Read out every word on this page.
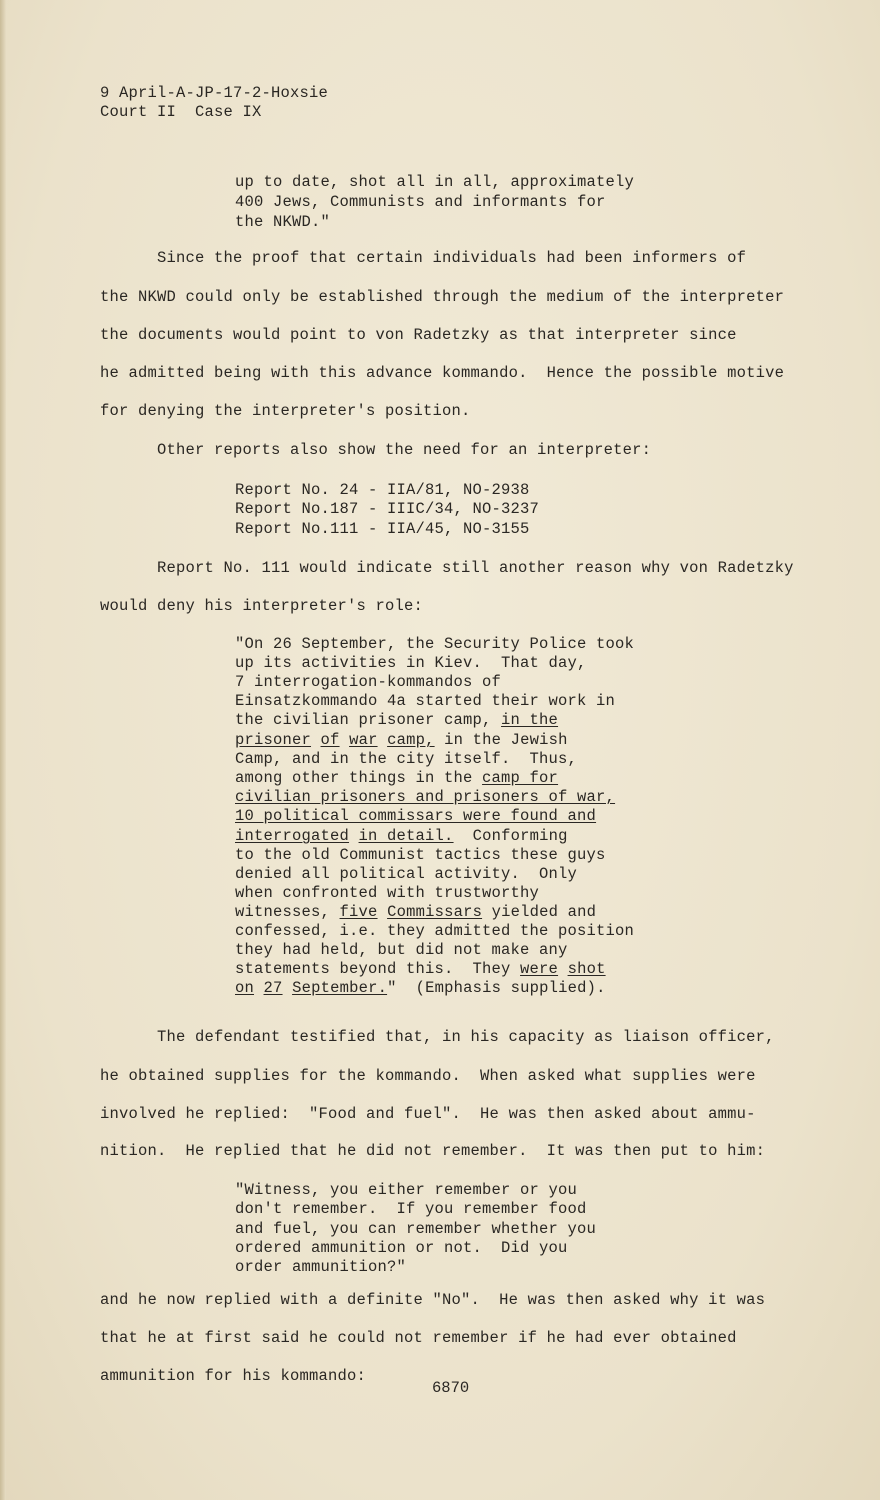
9 April-A-JP-17-2-Hoxsie
Court II  Case IX
up to date, shot all in all, approximately
400 Jews, Communists and informants for
the NKWD."
Since the proof that certain individuals had been informers of
the NKWD could only be established through the medium of the interpreter
the documents would point to von Radetzky as that interpreter since
he admitted being with this advance kommando.  Hence the possible motive
for denying the interpreter's position.
Other reports also show the need for an interpreter:
Report No. 24 - IIA/81, NO-2938
Report No.187 - IIIC/34, NO-3237
Report No.111 - IIA/45, NO-3155
Report No. 111 would indicate still another reason why von Radetzky
would deny his interpreter's role:
"On 26 September, the Security Police took
up its activities in Kiev.  That day,
7 interrogation-kommandos of
Einsatzkommando 4a started their work in
the civilian prisoner camp, in the
prisoner of war camp, in the Jewish
Camp, and in the city itself.  Thus,
among other things in the camp for
civilian prisoners and prisoners of war,
10 political commissars were found and
interrogated in detail.  Conforming
to the old Communist tactics these guys
denied all political activity.  Only
when confronted with trustworthy
witnesses, five Commissars yielded and
confessed, i.e. they admitted the position
they had held, but did not make any
statements beyond this.  They were shot
on 27 September."  (Emphasis supplied).
The defendant testified that, in his capacity as liaison officer,
he obtained supplies for the kommando.  When asked what supplies were
involved he replied:  "Food and fuel".  He was then asked about ammu-
nition.  He replied that he did not remember.  It was then put to him:
"Witness, you either remember or you
don't remember.  If you remember food
and fuel, you can remember whether you
ordered ammunition or not.  Did you
order ammunition?"
and he now replied with a definite "No".  He was then asked why it was
that he at first said he could not remember if he had ever obtained
ammunition for his kommando:
6870
